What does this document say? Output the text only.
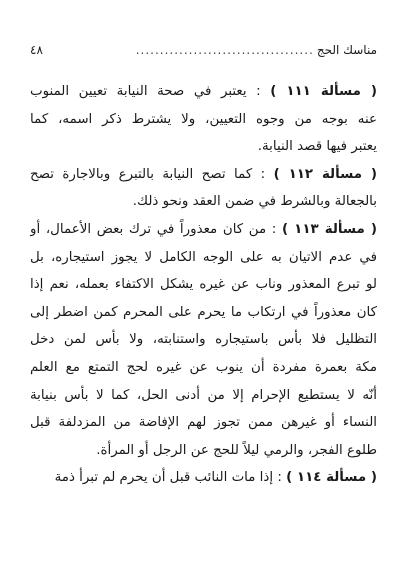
مناسك الحج
.....................................
٤٨

( مسألة ١١١ ) : يعتبر في صحة النيابة تعيين المنوب
عنه بوجه من وجوه التعيين، ولا يشترط ذكر اسمه، كما
يعتبر فيها قصد النيابة.

( مسألة ١١٢ ) : كما تصح النيابة بالتبرع وبالاجارة تصح
بالجعالة وبالشرط في ضمن العقد ونحو ذلك.

( مسألة ١١٣ ) : من كان معذوراً في ترك بعض الأعمال، أو
في عدم الاتيان به على الوجه الكامل لا يجوز استيجاره، بل
لو تبرع المعذور وناب عن غيره يشكل الاكتفاء بعمله، نعم إذا
كان معذوراً في ارتكاب ما يحرم على المحرم كمن اضطر إلى
التظليل فلا بأس باستيجاره واستنابته، ولا بأس لمن دخل
مكة بعمرة مفردة أن ينوب عن غيره لحج التمتع مع العلم
أنّه لا يستطيع الإحرام إلا من أدنى الحل، كما لا بأس بنيابة
النساء أو غيرهن ممن تجوز لهم الإفاضة من المزدلفة قبل
طلوع الفجر، والرمي ليلاً للحج عن الرجل أو المرأة.

( مسألة ١١٤ ) : إذا مات النائب قبل أن يحرم لم تبرأ ذمة
